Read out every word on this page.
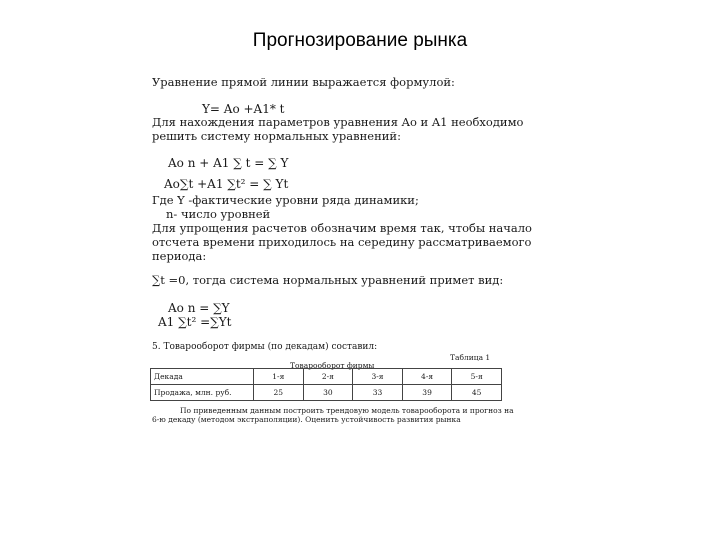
Прогнозирование рынка
Уравнение прямой линии выражается формулой:
Y= Ao +A1* t
Для нахождения параметров уравнения Ao и A1 необходимо
решить систему нормальных уравнений:
Ao n + A1 ∑ t = ∑ Y
Ao∑t +A1 ∑t² = ∑ Yt
Где Y -фактические уровни ряда динамики;
n- число уровней
Для упрощения расчетов обозначим время так, чтобы начало
отсчета времени приходилось на середину рассматриваемого
периода:
∑t =0, тогда система нормальных уравнений примет вид:
Ao n = ∑Y
A1 ∑t² =∑Yt
5. Товарооборот фирмы (по декадам) составил:
Таблица 1
Товарооборот фирмы
Декада	1-я	2-я	3-я	4-я	5-я
Продажа, млн. руб.	25	30	33	39	45
По приведенным данным построить трендовую модель товарооборота и прогноз на
6-ю декаду (методом экстраполяции). Оценить устойчивость развития рынка
